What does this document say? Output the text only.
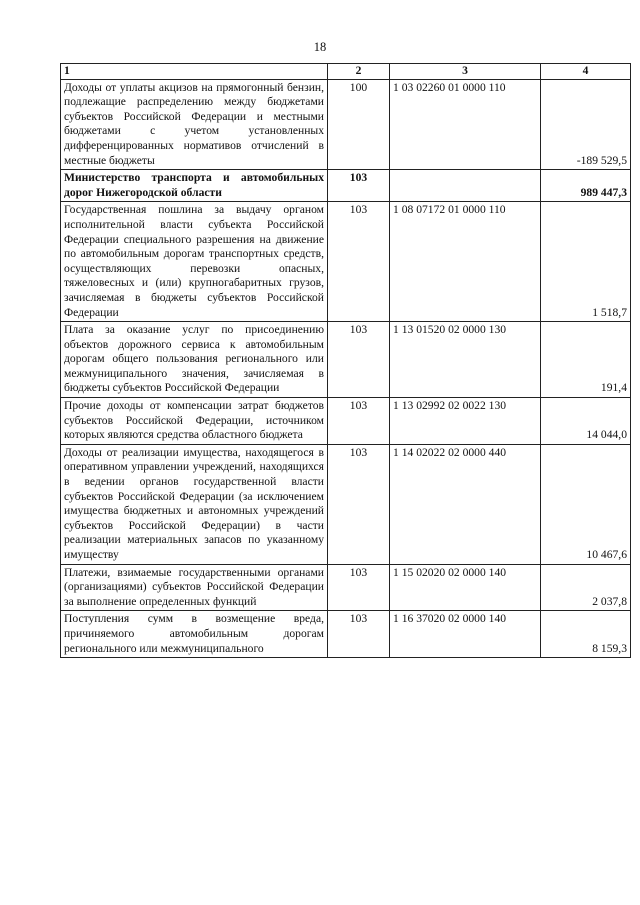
18
1	2	3	4
Доходы от уплаты акцизов на прямогонный бензин, подлежащие распределению между бюджетами субъектов Российской Федерации и местными бюджетами с учетом установленных дифференцированных нормативов отчислений в местные бюджеты	100	1 03 02260 01 0000 110	-189 529,5
Министерство транспорта и автомобильных дорог Нижегородской области	103		989 447,3
Государственная пошлина за выдачу органом исполнительной власти субъекта Российской Федерации специального разрешения на движение по автомобильным дорогам транспортных средств, осуществляющих перевозки опасных, тяжеловесных и (или) крупногабаритных грузов, зачисляемая в бюджеты субъектов Российской Федерации	103	1 08 07172 01 0000 110	1 518,7
Плата за оказание услуг по присоединению объектов дорожного сервиса к автомобильным дорогам общего пользования регионального или межмуниципального значения, зачисляемая в бюджеты субъектов Российской Федерации	103	1 13 01520 02 0000 130	191,4
Прочие доходы от компенсации затрат бюджетов субъектов Российской Федерации, источником которых являются средства областного бюджета	103	1 13 02992 02 0022 130	14 044,0
Доходы от реализации имущества, находящегося в оперативном управлении учреждений, находящихся в ведении органов государственной власти субъектов Российской Федерации (за исключением имущества бюджетных и автономных учреждений субъектов Российской Федерации) в части реализации материальных запасов по указанному имуществу	103	1 14 02022 02 0000 440	10 467,6
Платежи, взимаемые государственными органами (организациями) субъектов Российской Федерации за выполнение определенных функций	103	1 15 02020 02 0000 140	2 037,8
Поступления сумм в возмещение вреда, причиняемого автомобильным дорогам регионального или межмуниципального	103	1 16 37020 02 0000 140	8 159,3
